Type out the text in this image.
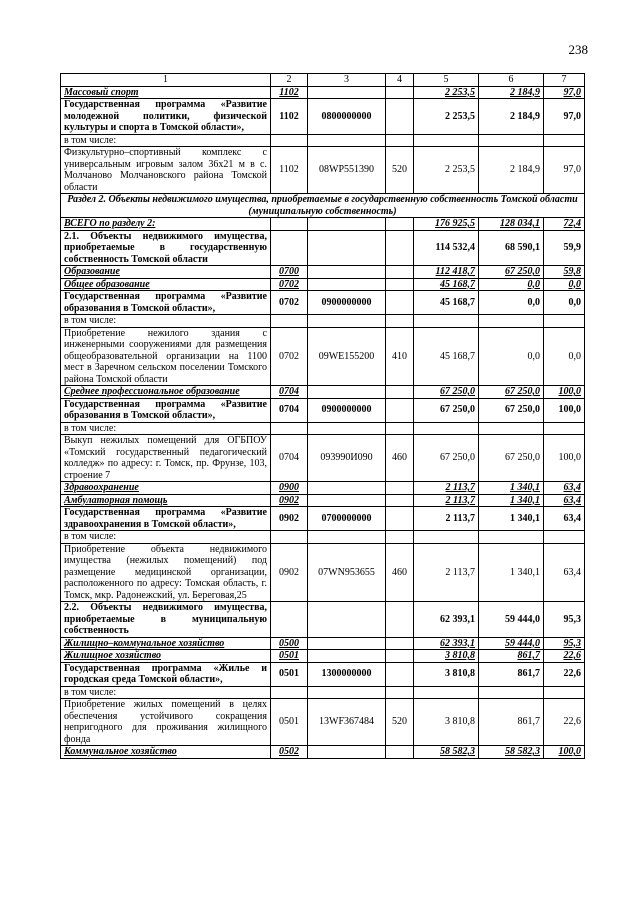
238
1	2	3	4	5	6	7
Массовый спорт	1102			2 253,5	2 184,9	97,0
Государственная программа «Развитие молодежной политики, физической культуры и спорта в Томской области»,	1102	0800000000		2 253,5	2 184,9	97,0
в том числе:						
Физкультурно–спортивный комплекс с универсальным игровым залом 36х21 м в с. Молчаново Молчановского района Томской области	1102	08WP551390	520	2 253,5	2 184,9	97,0
Раздел 2. Объекты недвижимого имущества, приобретаемые в государственную собственность Томской области (муниципальную собственность)						
ВСЕГО по разделу 2:				176 925,5	128 034,1	72,4
2.1. Объекты недвижимого имущества, приобретаемые в государственную собственность Томской области				114 532,4	68 590,1	59,9
Образование	0700			112 418,7	67 250,0	59,8
Общее образование	0702			45 168,7	0,0	0,0
Государственная программа «Развитие образования в Томской области»,	0702	0900000000		45 168,7	0,0	0,0
в том числе:						
Приобретение нежилого здания с инженерными сооружениями для размещения общеобразовательной организации на 1100 мест в Заречном сельском поселении Томского района Томской области	0702	09WE155200	410	45 168,7	0,0	0,0
Среднее профессиональное образование	0704			67 250,0	67 250,0	100,0
Государственная программа «Развитие образования в Томской области»,	0704	0900000000		67 250,0	67 250,0	100,0
в том числе:						
Выкуп нежилых помещений для ОГБПОУ «Томский государственный педагогический колледж» по адресу: г. Томск, пр. Фрунзе, 103, строение 7	0704	093990И090	460	67 250,0	67 250,0	100,0
Здравоохранение	0900			2 113,7	1 340,1	63,4
Амбулаторная помощь	0902			2 113,7	1 340,1	63,4
Государственная программа «Развитие здравоохранения в Томской области»,	0902	0700000000		2 113,7	1 340,1	63,4
в том числе:						
Приобретение объекта недвижимого имущества (нежилых помещений) под размещение медицинской организации, расположенного по адресу: Томская область, г. Томск, мкр. Радонежский, ул. Береговая,25	0902	07WN953655	460	2 113,7	1 340,1	63,4
2.2. Объекты недвижимого имущества, приобретаемые в муниципальную собственность				62 393,1	59 444,0	95,3
Жилищно–коммунальное хозяйство	0500			62 393,1	59 444,0	95,3
Жилищное хозяйство	0501			3 810,8	861,7	22,6
Государственная программа «Жилье и городская среда Томской области»,	0501	1300000000		3 810,8	861,7	22,6
в том числе:						
Приобретение жилых помещений в целях обеспечения устойчивого сокращения непригодного для проживания жилищного фонда	0501	13WF367484	520	3 810,8	861,7	22,6
Коммунальное хозяйство	0502			58 582,3	58 582,3	100,0
